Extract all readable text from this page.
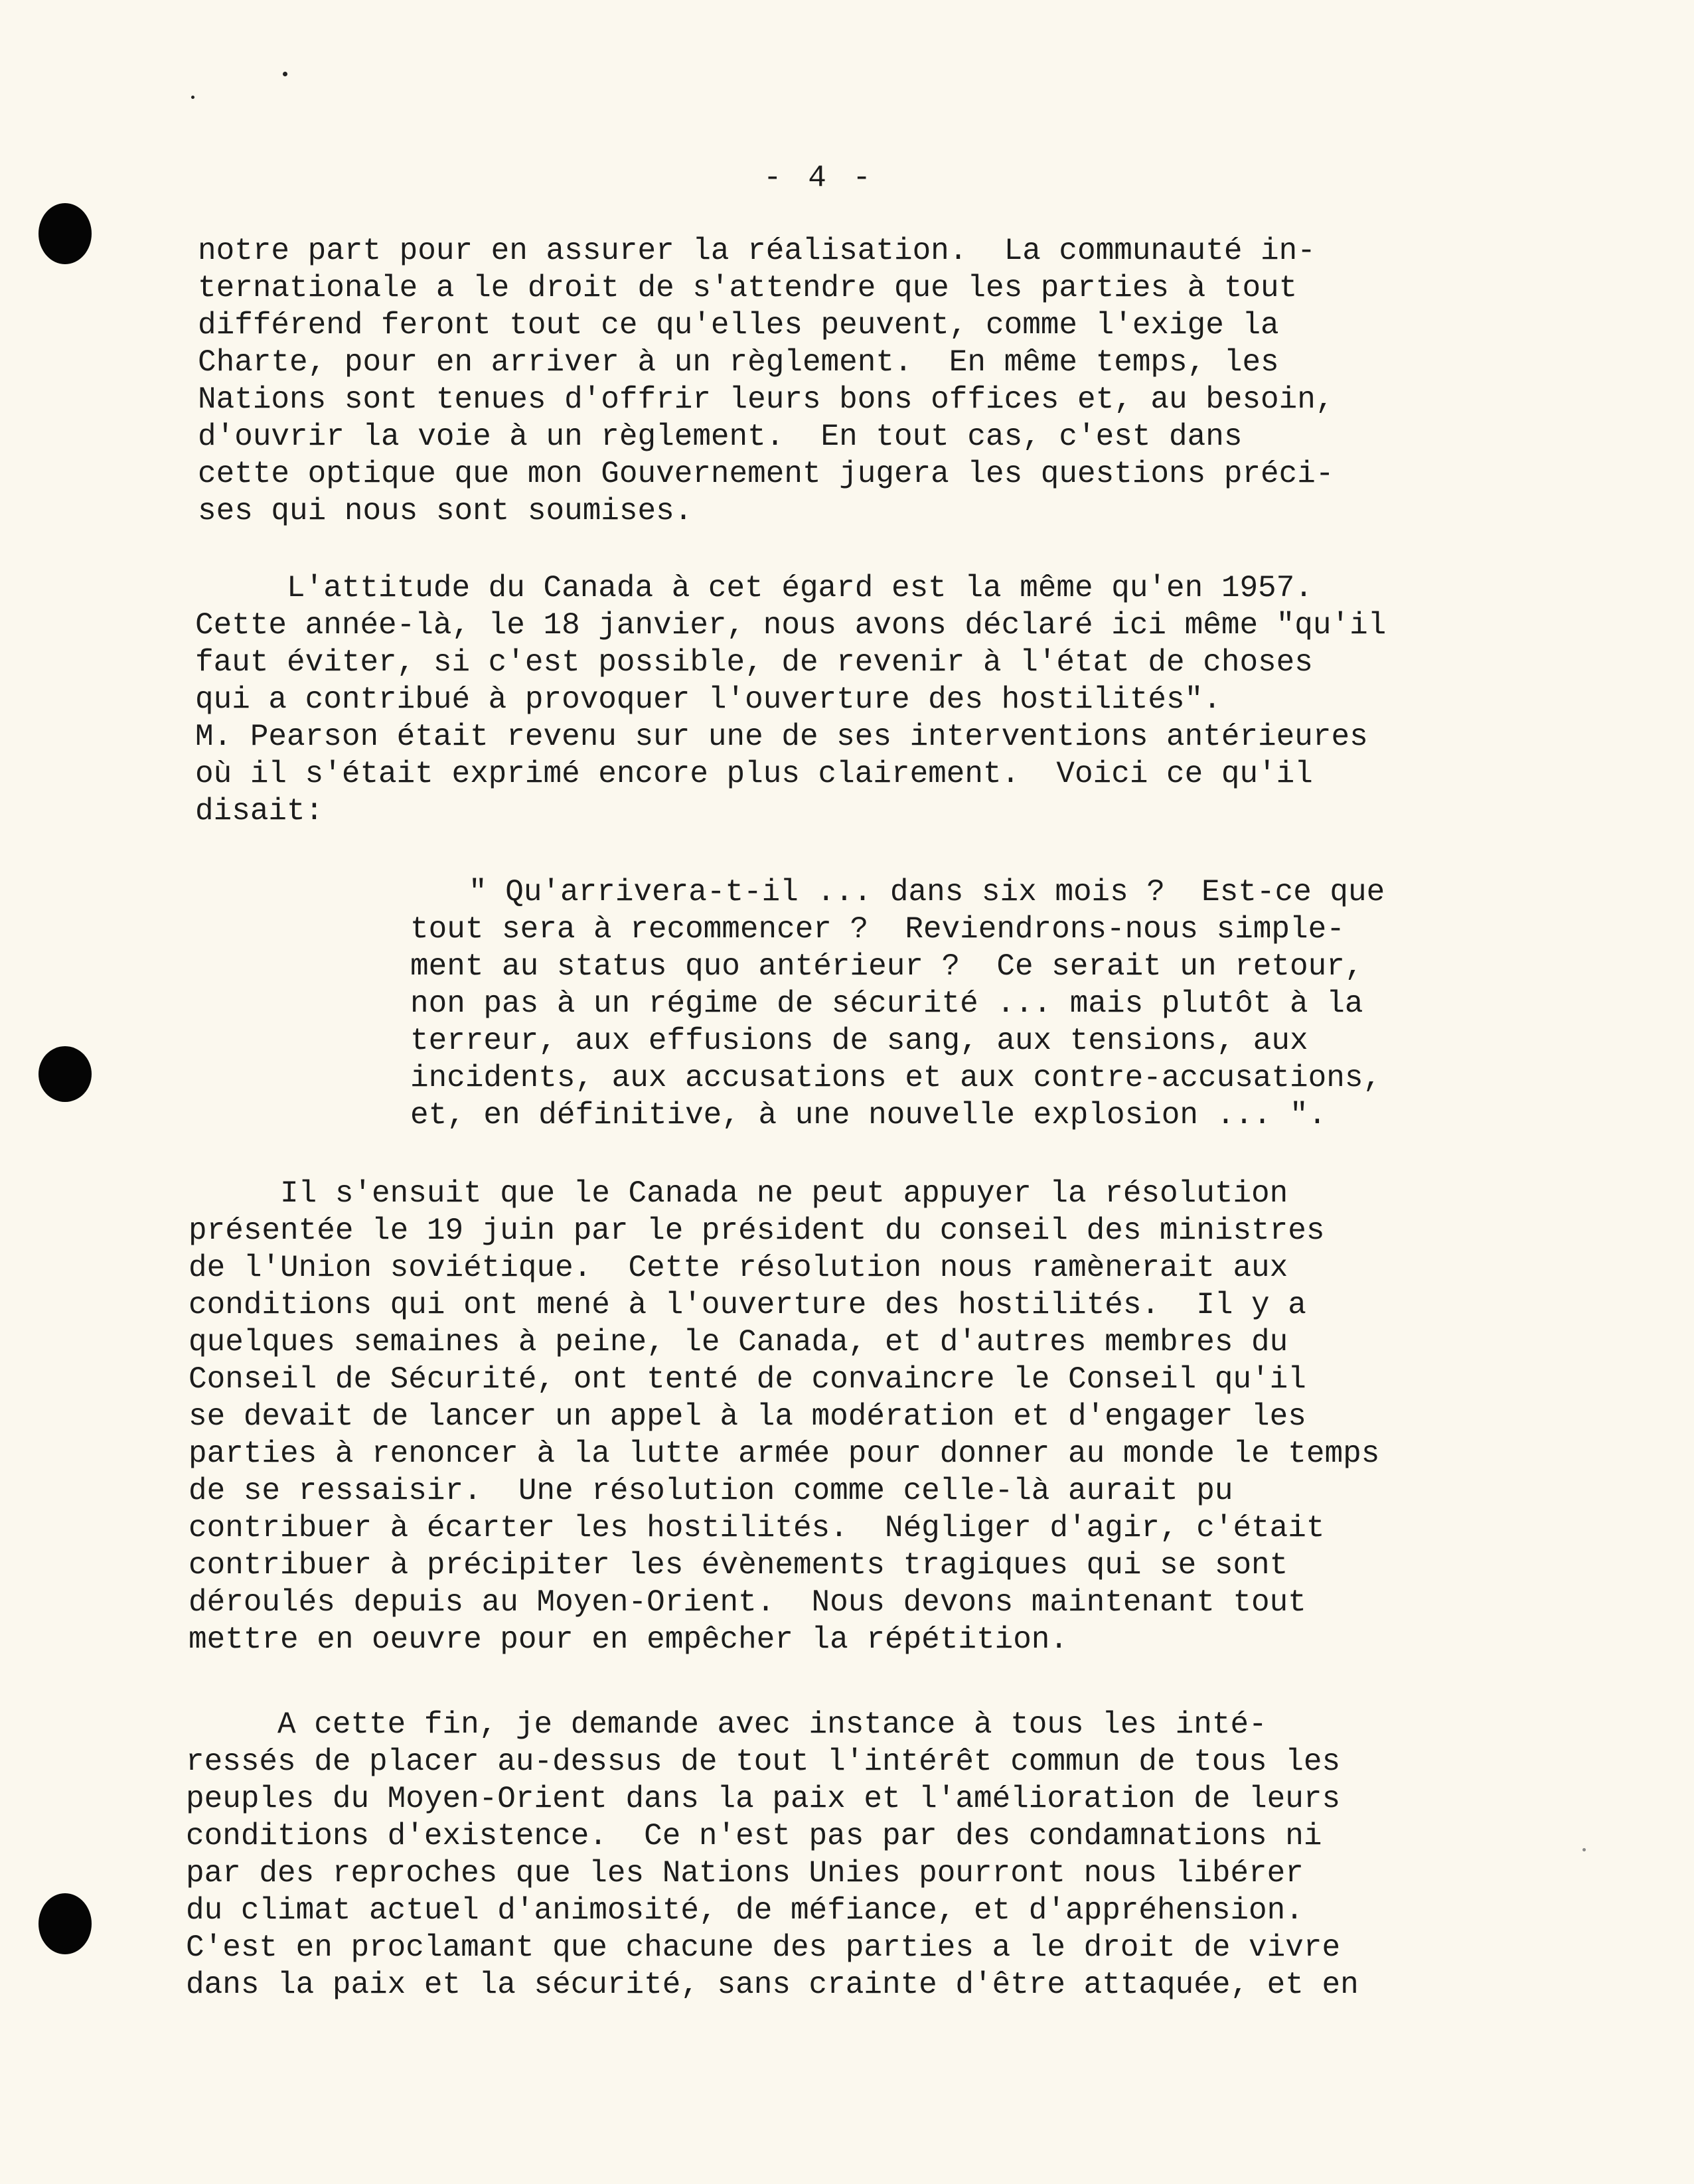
- 4 -
notre part pour en assurer la réalisation.  La communauté in-
ternationale a le droit de s'attendre que les parties à tout
différend feront tout ce qu'elles peuvent, comme l'exige la
Charte, pour en arriver à un règlement.  En même temps, les
Nations sont tenues d'offrir leurs bons offices et, au besoin,
d'ouvrir la voie à un règlement.  En tout cas, c'est dans
cette optique que mon Gouvernement jugera les questions préci-
ses qui nous sont soumises.
L'attitude du Canada à cet égard est la même qu'en 1957.
Cette année-là, le 18 janvier, nous avons déclaré ici même "qu'il
faut éviter, si c'est possible, de revenir à l'état de choses
qui a contribué à provoquer l'ouverture des hostilités".
M. Pearson était revenu sur une de ses interventions antérieures
où il s'était exprimé encore plus clairement.  Voici ce qu'il
disait:
" Qu'arrivera-t-il ... dans six mois ?  Est-ce que
tout sera à recommencer ?  Reviendrons-nous simple-
ment au status quo antérieur ?  Ce serait un retour,
non pas à un régime de sécurité ... mais plutôt à la
terreur, aux effusions de sang, aux tensions, aux
incidents, aux accusations et aux contre-accusations,
et, en définitive, à une nouvelle explosion ... ".
Il s'ensuit que le Canada ne peut appuyer la résolution
présentée le 19 juin par le président du conseil des ministres
de l'Union soviétique.  Cette résolution nous ramènerait aux
conditions qui ont mené à l'ouverture des hostilités.  Il y a
quelques semaines à peine, le Canada, et d'autres membres du
Conseil de Sécurité, ont tenté de convaincre le Conseil qu'il
se devait de lancer un appel à la modération et d'engager les
parties à renoncer à la lutte armée pour donner au monde le temps
de se ressaisir.  Une résolution comme celle-là aurait pu
contribuer à écarter les hostilités.  Négliger d'agir, c'était
contribuer à précipiter les évènements tragiques qui se sont
déroulés depuis au Moyen-Orient.  Nous devons maintenant tout
mettre en oeuvre pour en empêcher la répétition.
A cette fin, je demande avec instance à tous les inté-
ressés de placer au-dessus de tout l'intérêt commun de tous les
peuples du Moyen-Orient dans la paix et l'amélioration de leurs
conditions d'existence.  Ce n'est pas par des condamnations ni
par des reproches que les Nations Unies pourront nous libérer
du climat actuel d'animosité, de méfiance, et d'appréhension.
C'est en proclamant que chacune des parties a le droit de vivre
dans la paix et la sécurité, sans crainte d'être attaquée, et en
